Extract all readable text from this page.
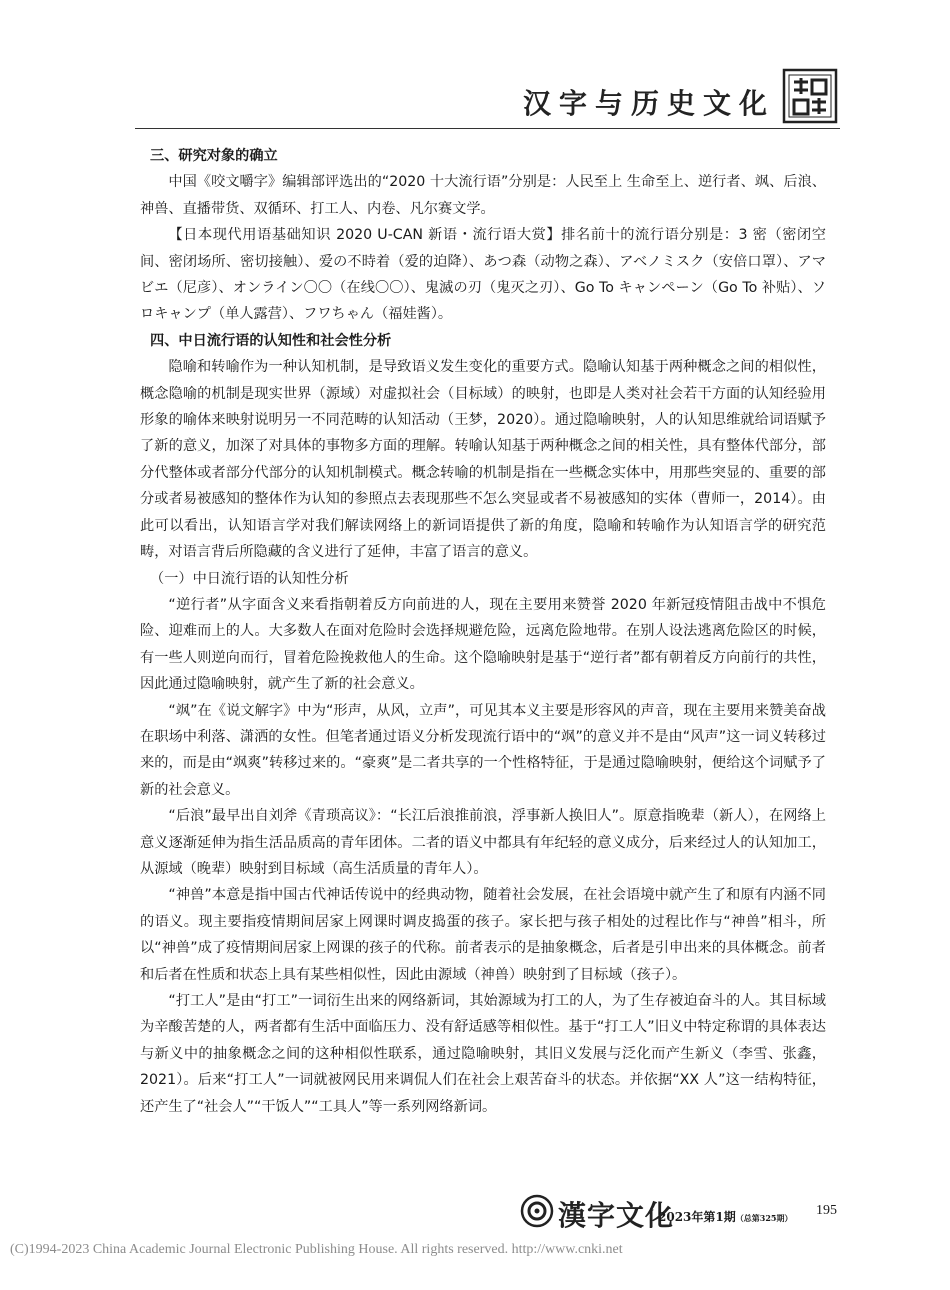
汉字与历史文化

三、研究对象的确立

中国《咬文嚼字》编辑部评选出的“2020 十大流行语”分别是：人民至上 生命至上、逆行者、飒、后浪、神兽、直播带货、双循环、打工人、内卷、凡尔赛文学。

【日本现代用语基础知识 2020 U-CAN 新语・流行语大赏】排名前十的流行语分别是：3 密（密闭空间、密闭场所、密切接触）、爱の不時着（爱的迫降）、あつ森（动物之森）、アベノミスク（安倍口罩）、アマビエ（尼彦）、オンライン〇〇（在线〇〇）、鬼滅の刃（鬼灭之刃）、Go To キャンペーン（Go To 补贴）、ソロキャンプ（单人露营）、フワちゃん（福娃酱）。

四、中日流行语的认知性和社会性分析

隐喻和转喻作为一种认知机制，是导致语义发生变化的重要方式。隐喻认知基于两种概念之间的相似性，概念隐喻的机制是现实世界（源域）对虚拟社会（目标域）的映射，也即是人类对社会若干方面的认知经验用形象的喻体来映射说明另一不同范畴的认知活动（王梦，2020）。通过隐喻映射，人的认知思维就给词语赋予了新的意义，加深了对具体的事物多方面的理解。转喻认知基于两种概念之间的相关性，具有整体代部分，部分代整体或者部分代部分的认知机制模式。概念转喻的机制是指在一些概念实体中，用那些突显的、重要的部分或者易被感知的整体作为认知的参照点去表现那些不怎么突显或者不易被感知的实体（曹师一，2014）。由此可以看出，认知语言学对我们解读网络上的新词语提供了新的角度，隐喻和转喻作为认知语言学的研究范畴，对语言背后所隐藏的含义进行了延伸，丰富了语言的意义。

（一）中日流行语的认知性分析

“逆行者”从字面含义来看指朝着反方向前进的人，现在主要用来赞誉 2020 年新冠疫情阻击战中不惧危险、迎难而上的人。大多数人在面对危险时会选择规避危险，远离危险地带。在别人设法逃离危险区的时候，有一些人则逆向而行，冒着危险挽救他人的生命。这个隐喻映射是基于“逆行者”都有朝着反方向前行的共性，因此通过隐喻映射，就产生了新的社会意义。

“飒”在《说文解字》中为“形声，从风，立声”，可见其本义主要是形容风的声音，现在主要用来赞美奋战在职场中利落、潇洒的女性。但笔者通过语义分析发现流行语中的“飒”的意义并不是由“风声”这一词义转移过来的，而是由“飒爽”转移过来的。“豪爽”是二者共享的一个性格特征，于是通过隐喻映射，便给这个词赋予了新的社会意义。

“后浪”最早出自刘斧《青琐高议》：“长江后浪推前浪，浮事新人换旧人”。原意指晚辈（新人），在网络上意义逐渐延伸为指生活品质高的青年团体。二者的语义中都具有年纪轻的意义成分，后来经过人的认知加工，从源域（晚辈）映射到目标域（高生活质量的青年人）。

“神兽”本意是指中国古代神话传说中的经典动物，随着社会发展，在社会语境中就产生了和原有内涵不同的语义。现主要指疫情期间居家上网课时调皮捣蛋的孩子。家长把与孩子相处的过程比作与“神兽”相斗，所以“神兽”成了疫情期间居家上网课的孩子的代称。前者表示的是抽象概念，后者是引申出来的具体概念。前者和后者在性质和状态上具有某些相似性，因此由源域（神兽）映射到了目标域（孩子）。

“打工人”是由“打工”一词衍生出来的网络新词，其始源域为打工的人，为了生存被迫奋斗的人。其目标域为辛酸苦楚的人，两者都有生活中面临压力、没有舒适感等相似性。基于“打工人”旧义中特定称谓的具体表达与新义中的抽象概念之间的这种相似性联系，通过隐喻映射，其旧义发展与泛化而产生新义（李雪、张鑫，2021）。后来“打工人”一词就被网民用来调侃人们在社会上艰苦奋斗的状态。并依据“XX 人”这一结构特征，还产生了“社会人”“干饭人”“工具人”等一系列网络新词。

漢字文化
2023年第1期（总第325期） 195
(C)1994-2023 China Academic Journal Electronic Publishing House. All rights reserved. http://www.cnki.net
